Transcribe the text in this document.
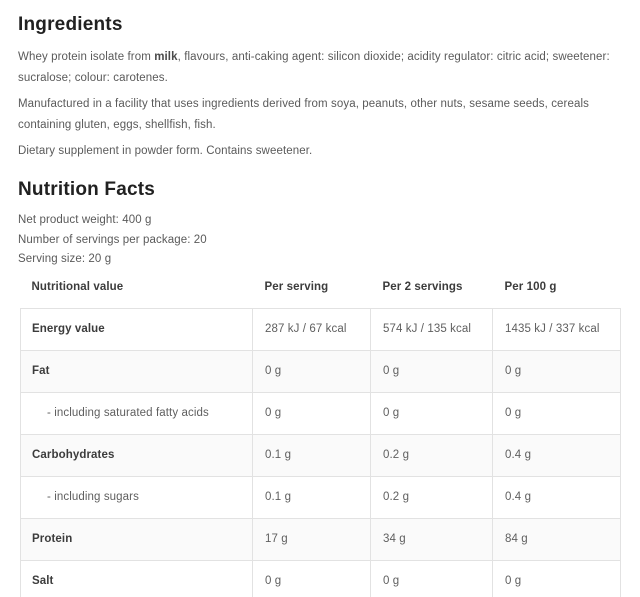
Ingredients

Whey protein isolate from milk, flavours, anti-caking agent: silicon dioxide; acidity regulator: citric acid; sweetener: sucralose; colour: carotenes.

Manufactured in a facility that uses ingredients derived from soya, peanuts, other nuts, sesame seeds, cereals containing gluten, eggs, shellfish, fish.

Dietary supplement in powder form. Contains sweetener.

Nutrition Facts
Net product weight: 400 g
Number of servings per package: 20
Serving size: 20 g
Nutritional value	Per serving	Per 2 servings	Per 100 g
Energy value	287 kJ / 67 kcal	574 kJ / 135 kcal	1435 kJ / 337 kcal
Fat	0 g	0 g	0 g
- including saturated fatty acids	0 g	0 g	0 g
Carbohydrates	0.1 g	0.2 g	0.4 g
- including sugars	0.1 g	0.2 g	0.4 g
Protein	17 g	34 g	84 g
Salt	0 g	0 g	0 g
